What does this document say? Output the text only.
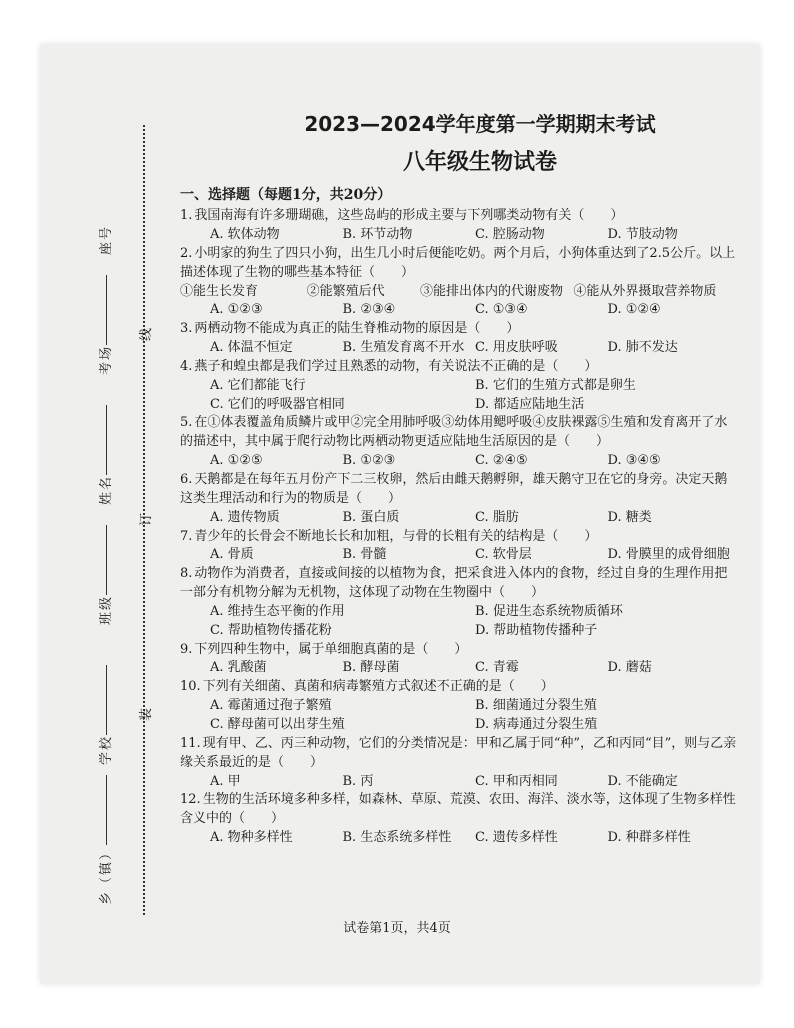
乡（镇）
学校
班级
姓名
考场
座号
装
订
线
2023—2024学年度第一学期期末考试
八年级生物试卷
一、选择题（每题1分，共20分）
1. 我国南海有许多珊瑚礁，这些岛屿的形成主要与下列哪类动物有关（　　）
A. 软体动物	B. 环节动物	C. 腔肠动物	D. 节肢动物
2. 小明家的狗生了四只小狗，出生几小时后便能吃奶。两个月后，小狗体重达到了2.5公斤。以上描述体现了生物的哪些基本特征（　　）
①能生长发育	②能繁殖后代	③能排出体内的代谢废物 ④能从外界摄取营养物质
A. ①②③	B. ②③④	C. ①③④	D. ①②④
3. 两栖动物不能成为真正的陆生脊椎动物的原因是（　　）
A. 体温不恒定	B. 生殖发育离不开水 C. 用皮肤呼吸	D. 肺不发达
4. 燕子和蝗虫都是我们学过且熟悉的动物，有关说法不正确的是（　　）
A. 它们都能飞行	B. 它们的生殖方式都是卵生
C. 它们的呼吸器官相同	D. 都适应陆地生活
5. 在①体表覆盖角质鳞片或甲②完全用肺呼吸③幼体用鳃呼吸④皮肤裸露⑤生殖和发育离开了水的描述中，其中属于爬行动物比两栖动物更适应陆地生活原因的是（　　）
A. ①②⑤	B. ①②③	C. ②④⑤	D. ③④⑤
6. 天鹅都是在每年五月份产下二三枚卵，然后由雌天鹅孵卵，雄天鹅守卫在它的身旁。决定天鹅这类生理活动和行为的物质是（　　）
A. 遗传物质	B. 蛋白质	C. 脂肪	D. 糖类
7. 青少年的长骨会不断地长长和加粗，与骨的长粗有关的结构是（　　）
A. 骨质	B. 骨髓	C. 软骨层	D. 骨膜里的成骨细胞
8. 动物作为消费者，直接或间接的以植物为食，把采食进入体内的食物，经过自身的生理作用把一部分有机物分解为无机物，这体现了动物在生物圈中（　　）
A. 维持生态平衡的作用	B. 促进生态系统物质循环
C. 帮助植物传播花粉	D. 帮助植物传播种子
9. 下列四种生物中，属于单细胞真菌的是（　　）
A. 乳酸菌	B. 酵母菌	C. 青霉	D. 蘑菇
10. 下列有关细菌、真菌和病毒繁殖方式叙述不正确的是（　　）
A. 霉菌通过孢子繁殖	B. 细菌通过分裂生殖
C. 酵母菌可以出芽生殖	D. 病毒通过分裂生殖
11. 现有甲、乙、丙三种动物，它们的分类情况是：甲和乙属于同“种”，乙和丙同“目”，则与乙亲缘关系最近的是（　　）
A. 甲	B. 丙	C. 甲和丙相同	D. 不能确定
12. 生物的生活环境多种多样，如森林、草原、荒漠、农田、海洋、淡水等，这体现了生物多样性含义中的（　　）
A. 物种多样性	B. 生态系统多样性	C. 遗传多样性	D. 种群多样性
试卷第1页，共4页
